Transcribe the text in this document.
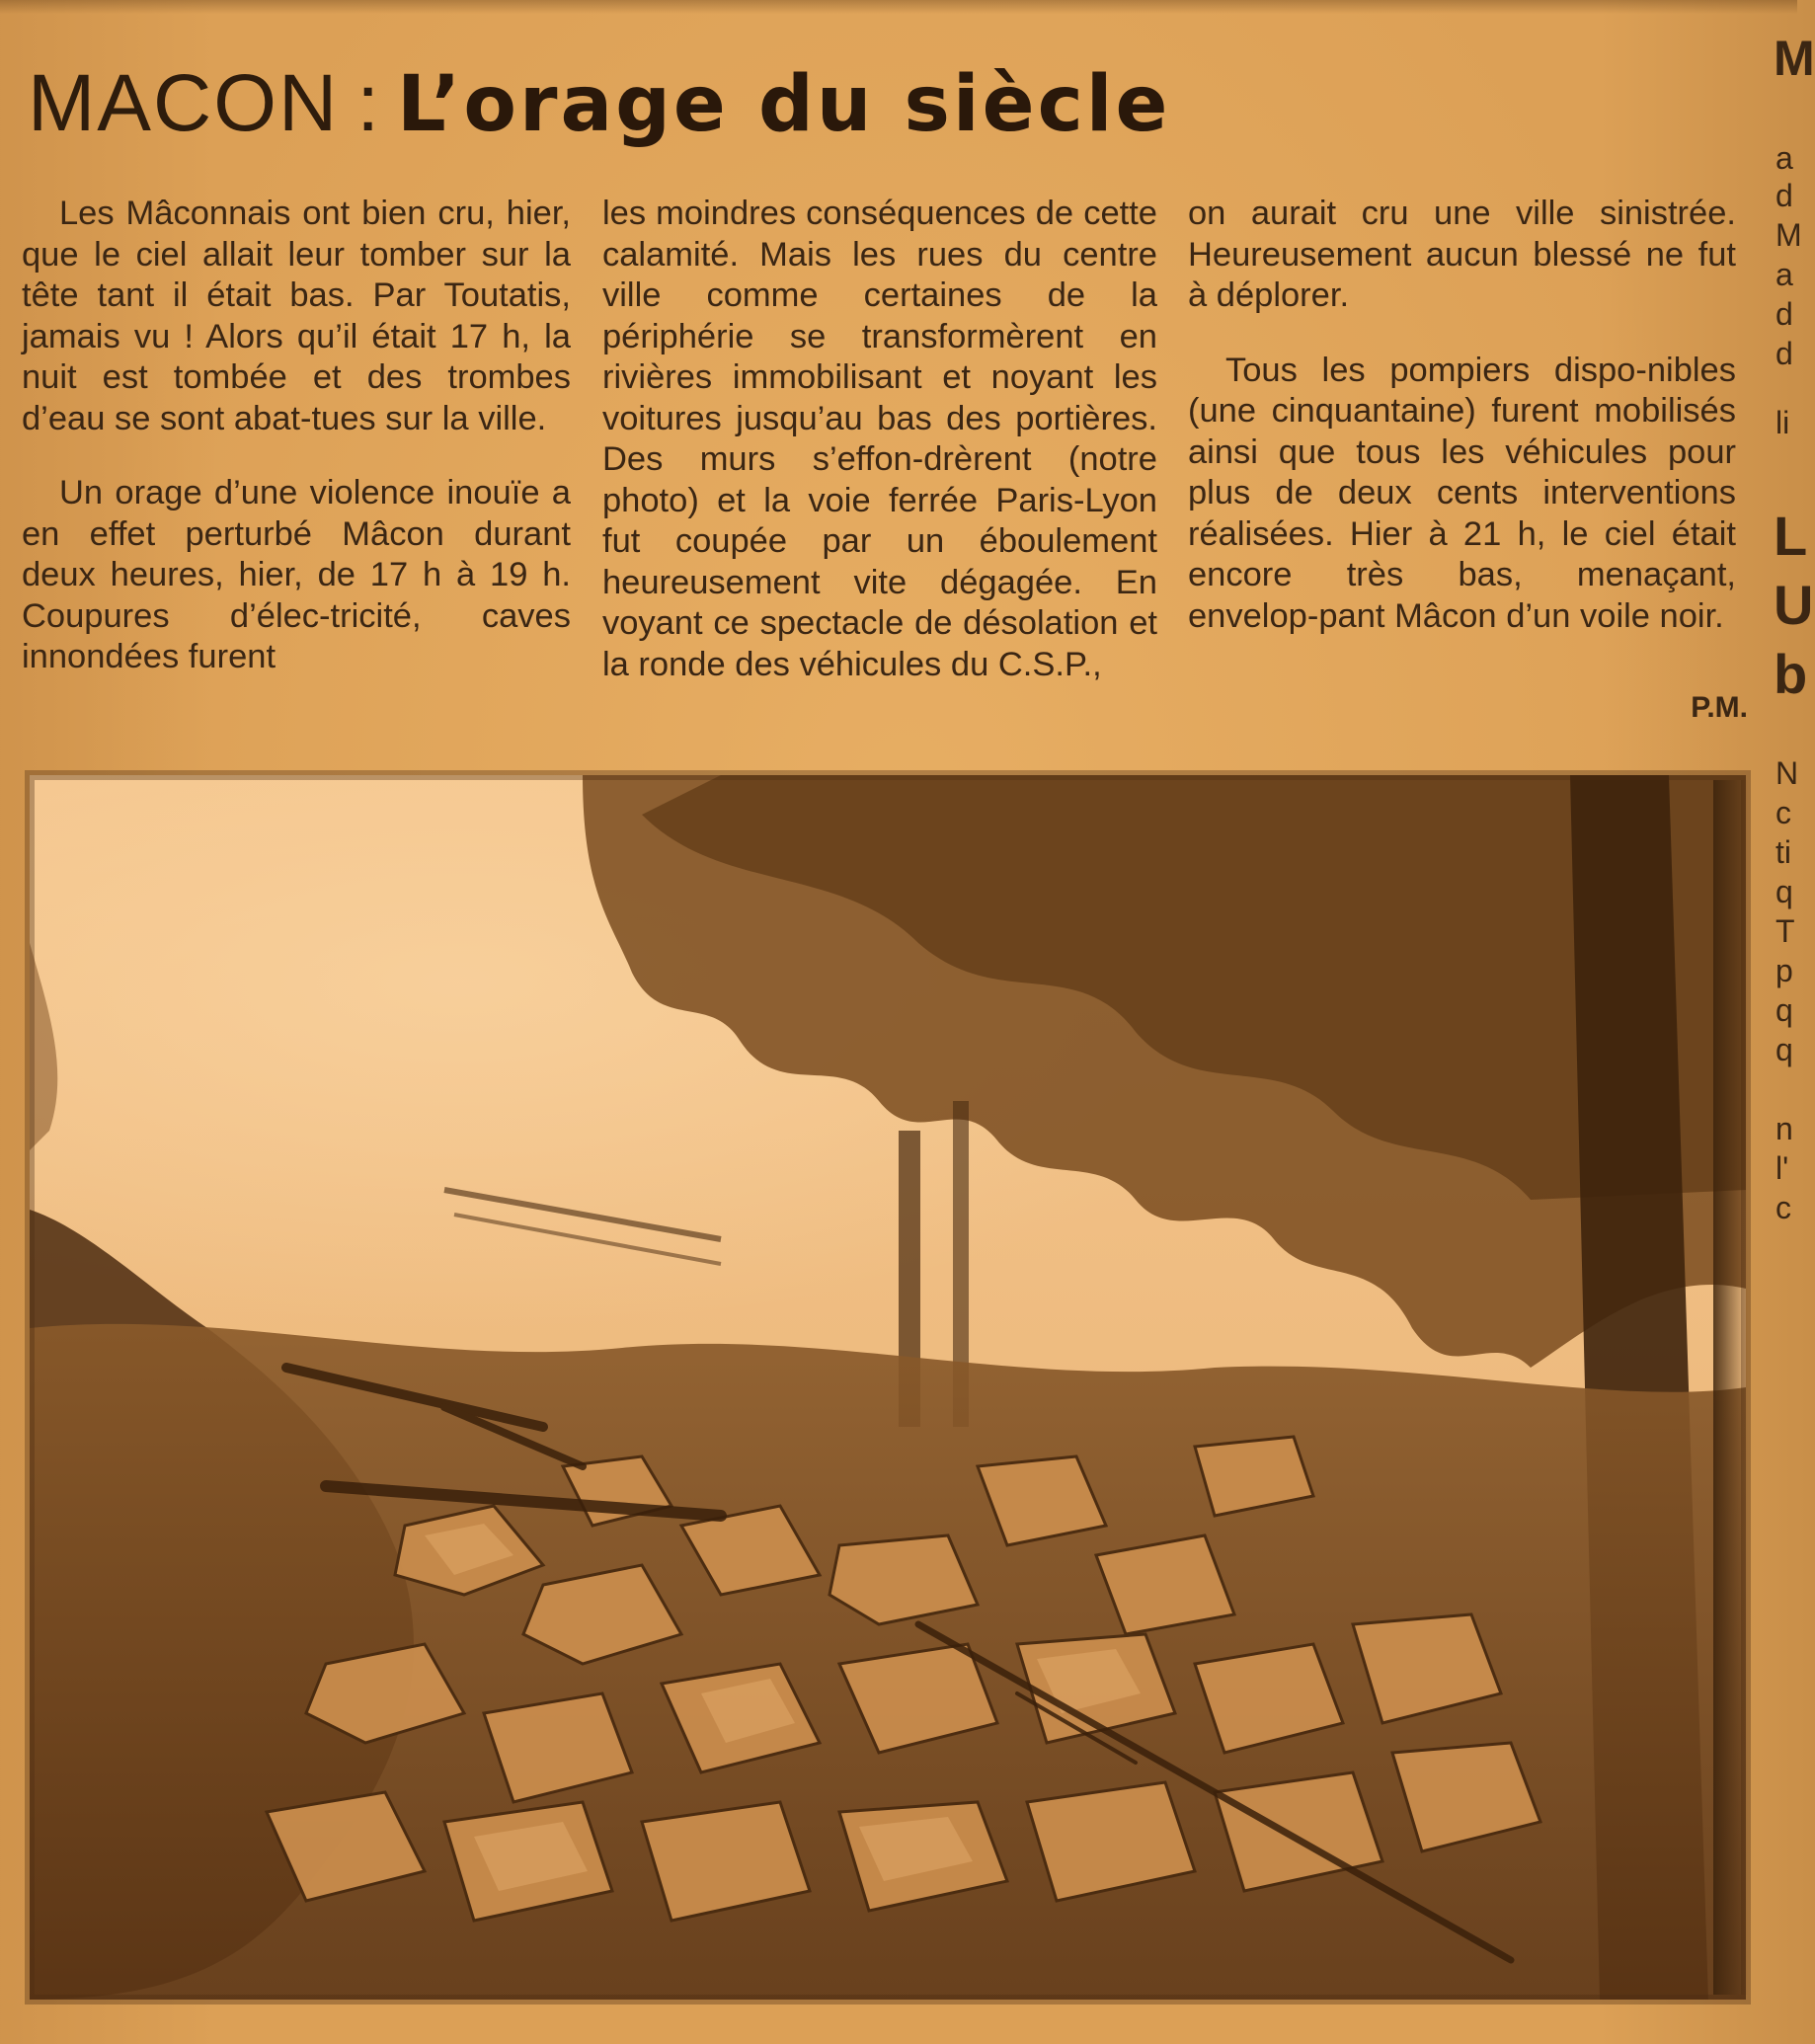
MACON : L’orage du siècle

Les Mâconnais ont bien cru, hier, que le ciel allait leur tomber sur la tête tant il était bas. Par Toutatis, jamais vu ! Alors qu’il était 17 h, la nuit est tombée et des trombes d’eau se sont abat-tues sur la ville.

Un orage d’une violence inouïe a en effet perturbé Mâcon durant deux heures, hier, de 17 h à 19 h. Coupures d’élec-tricité, caves innondées furent

les moindres conséquences de cette calamité. Mais les rues du centre ville comme certaines de la périphérie se transformèrent en rivières immobilisant et noyant les voitures jusqu’au bas des portières. Des murs s’effon-drèrent (notre photo) et la voie ferrée Paris-Lyon fut coupée par un éboulement heureusement vite dégagée. En voyant ce spectacle de désolation et la ronde des véhicules du C.S.P.,

on aurait cru une ville sinistrée. Heureusement aucun blessé ne fut à déplorer.

Tous les pompiers dispo-nibles (une cinquantaine) furent mobilisés ainsi que tous les véhicules pour plus de deux cents interventions réalisées. Hier à 21 h, le ciel était encore très bas, menaçant, envelop-pant Mâcon d’un voile noir.

P.M.
M
a
d
M
a
d
d
li
L
U
b
N
c
ti
q
T
p
q
q
n
l'
c
